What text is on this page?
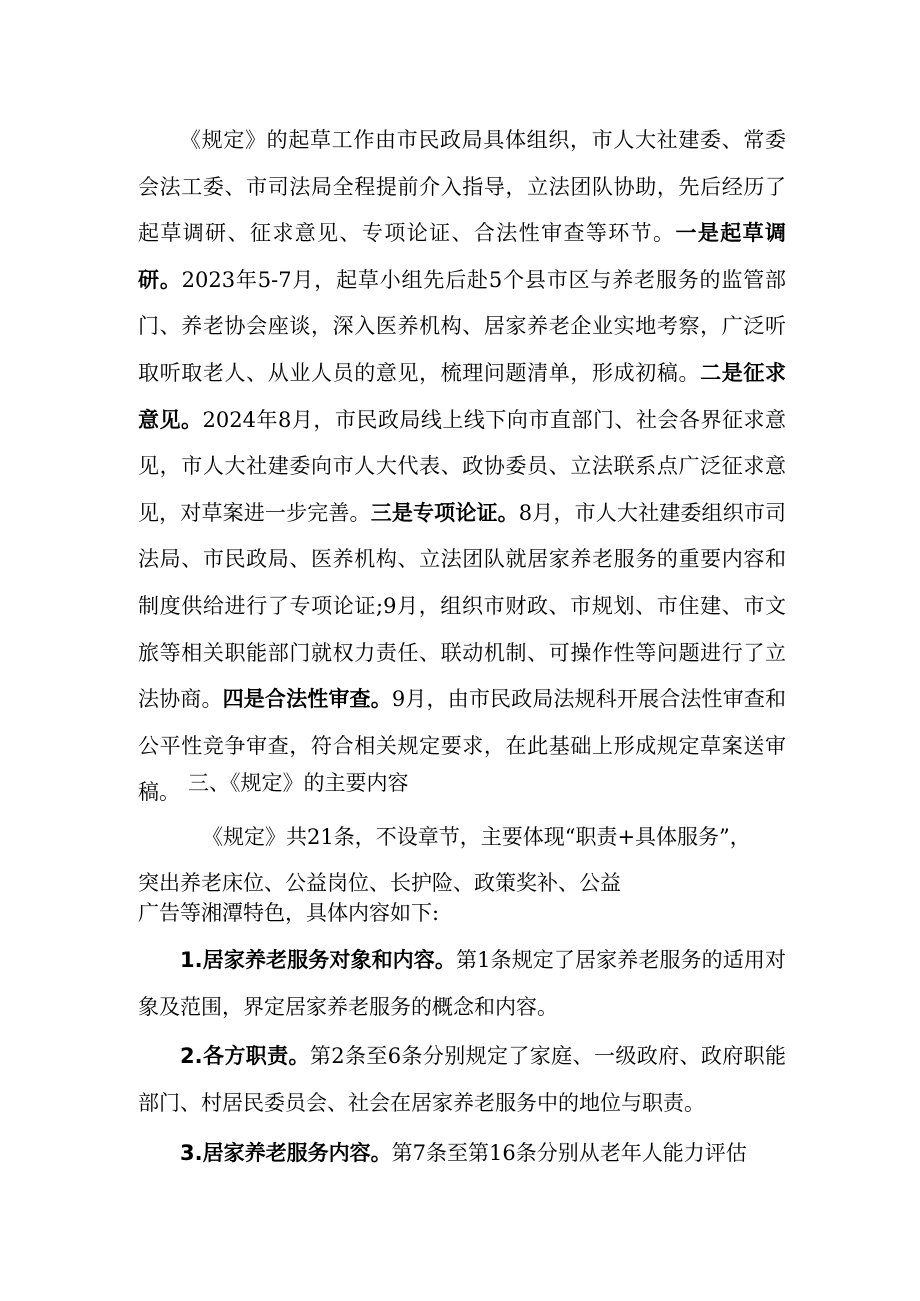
《规定》的起草工作由市民政局具体组织，市人大社建委、常委会法工委、市司法局全程提前介入指导，立法团队协助，先后经历了起草调研、征求意见、专项论证、合法性审查等环节。一是起草调研。2023年5-7月，起草小组先后赴5个县市区与养老服务的监管部门、养老协会座谈，深入医养机构、居家养老企业实地考察，广泛听取听取老人、从业人员的意见，梳理问题清单，形成初稿。二是征求意见。2024年8月，市民政局线上线下向市直部门、社会各界征求意见，市人大社建委向市人大代表、政协委员、立法联系点广泛征求意见，对草案进一步完善。三是专项论证。8月，市人大社建委组织市司法局、市民政局、医养机构、立法团队就居家养老服务的重要内容和制度供给进行了专项论证;9月，组织市财政、市规划、市住建、市文旅等相关职能部门就权力责任、联动机制、可操作性等问题进行了立法协商。四是合法性审查。9月，由市民政局法规科开展合法性审查和公平性竞争审查，符合相关规定要求，在此基础上形成规定草案送审稿。 三、《规定》的主要内容

《规定》共21条，不设章节，主要体现“职责+具体服务”，

突出养老床位、公益岗位、长护险、政策奖补、公益

广告等湘潭特色，具体内容如下:

1.居家养老服务对象和内容。第1条规定了居家养老服务的适用对象及范围，界定居家养老服务的概念和内容。

2.各方职责。第2条至6条分别规定了家庭、一级政府、政府职能部门、村居民委员会、社会在居家养老服务中的地位与职责。

3.居家养老服务内容。第7条至第16条分别从老年人能力评估
